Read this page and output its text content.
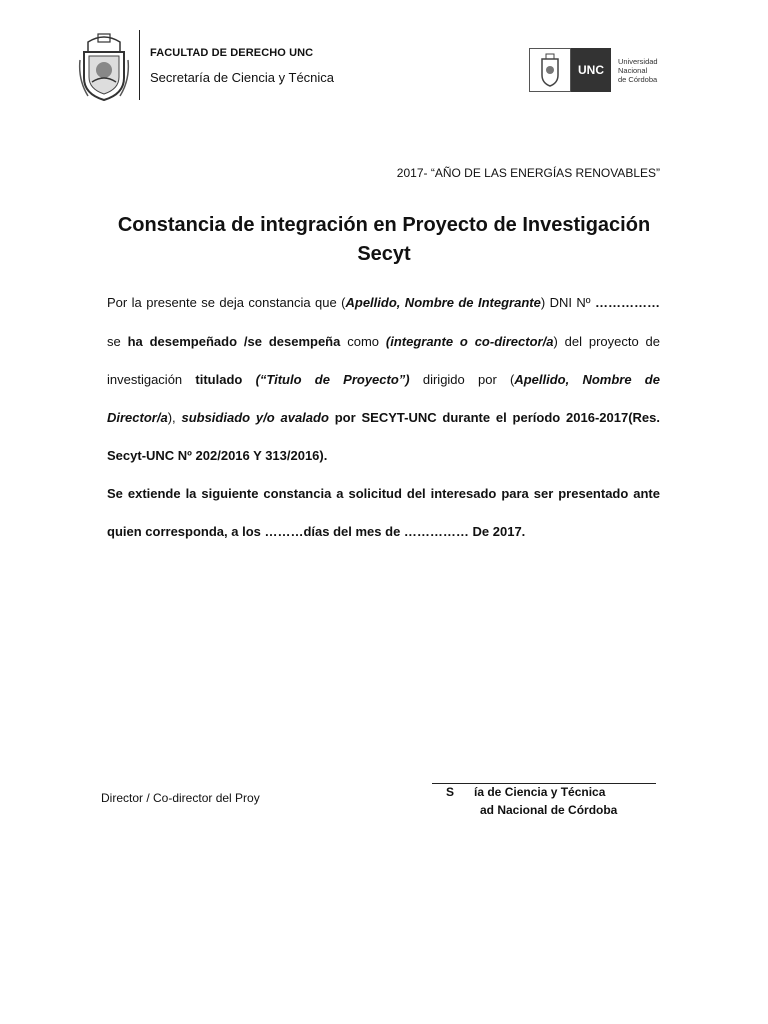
FACULTAD DE DERECHO UNC
Secretaría de Ciencia y Técnica	UNC
Universidad
Nacional
de Córdoba
2017- “AÑO DE LAS ENERGÍAS RENOVABLES”
Constancia de integración en Proyecto de Investigación
Secyt
Por la presente se deja constancia que (Apellido, Nombre de Integrante) DNI Nº ……………
se ha desempeñado /se desempeña como (integrante o co-director/a) del proyecto de
investigación titulado (“Titulo de Proyecto”) dirigido por (Apellido, Nombre de
Director/a), subsidiado y/o avalado por SECYT-UNC durante el período 2016-2017(Res.
Secyt-UNC Nº 202/2016 Y 313/2016).
Se extiende la siguiente constancia a solicitud del interesado para ser presentado ante
quien corresponda, a los ………días del mes de …………… De 2017.
Director / Co-director del Proy	S      ía de Ciencia y Técnica
ad Nacional de Córdoba
